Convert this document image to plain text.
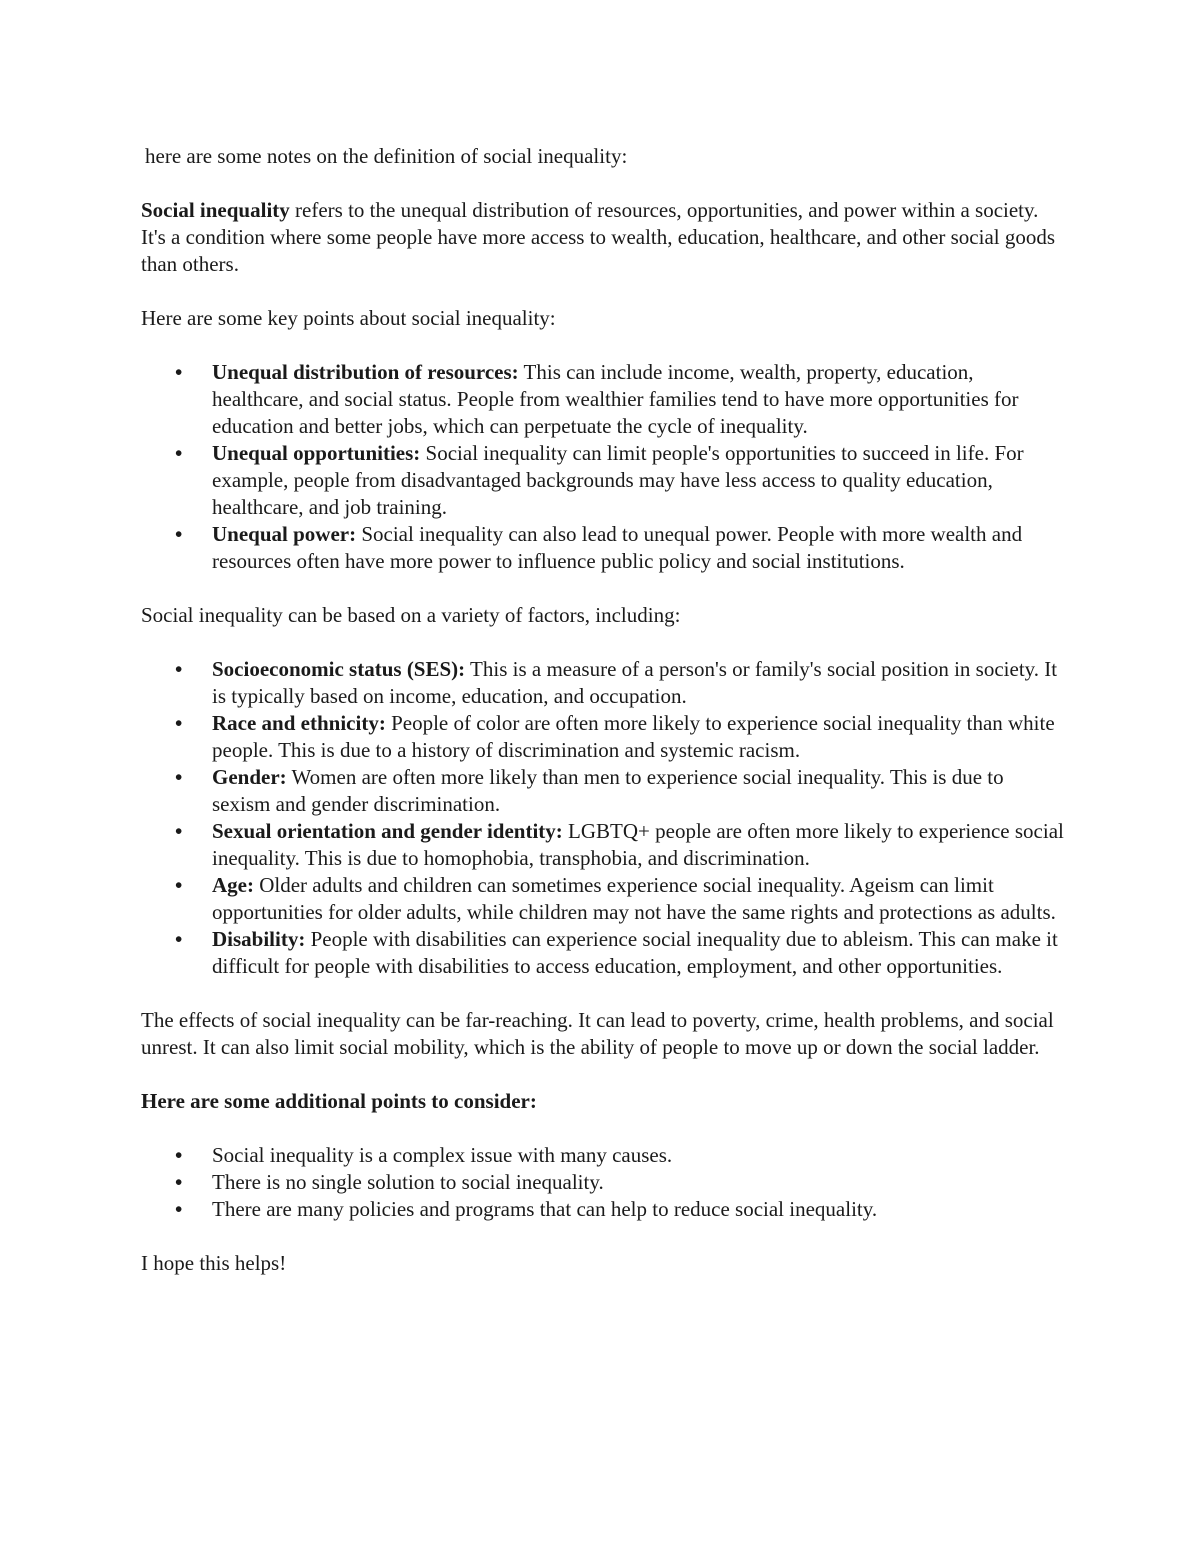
here are some notes on the definition of social inequality:

Social inequality refers to the unequal distribution of resources, opportunities, and power within a society. It's a condition where some people have more access to wealth, education, healthcare, and other social goods than others.

Here are some key points about social inequality:

•	Unequal distribution of resources: This can include income, wealth, property, education, healthcare, and social status. People from wealthier families tend to have more opportunities for education and better jobs, which can perpetuate the cycle of inequality.
•	Unequal opportunities: Social inequality can limit people's opportunities to succeed in life. For example, people from disadvantaged backgrounds may have less access to quality education, healthcare, and job training.
•	Unequal power: Social inequality can also lead to unequal power. People with more wealth and resources often have more power to influence public policy and social institutions.

Social inequality can be based on a variety of factors, including:

•	Socioeconomic status (SES): This is a measure of a person's or family's social position in society. It is typically based on income, education, and occupation.
•	Race and ethnicity: People of color are often more likely to experience social inequality than white people. This is due to a history of discrimination and systemic racism.
•	Gender: Women are often more likely than men to experience social inequality. This is due to sexism and gender discrimination.
•	Sexual orientation and gender identity: LGBTQ+ people are often more likely to experience social inequality. This is due to homophobia, transphobia, and discrimination.
•	Age: Older adults and children can sometimes experience social inequality. Ageism can limit opportunities for older adults, while children may not have the same rights and protections as adults.
•	Disability: People with disabilities can experience social inequality due to ableism. This can make it difficult for people with disabilities to access education, employment, and other opportunities.

The effects of social inequality can be far-reaching. It can lead to poverty, crime, health problems, and social unrest. It can also limit social mobility, which is the ability of people to move up or down the social ladder.

Here are some additional points to consider:

•	Social inequality is a complex issue with many causes.
•	There is no single solution to social inequality.
•	There are many policies and programs that can help to reduce social inequality.

I hope this helps!
